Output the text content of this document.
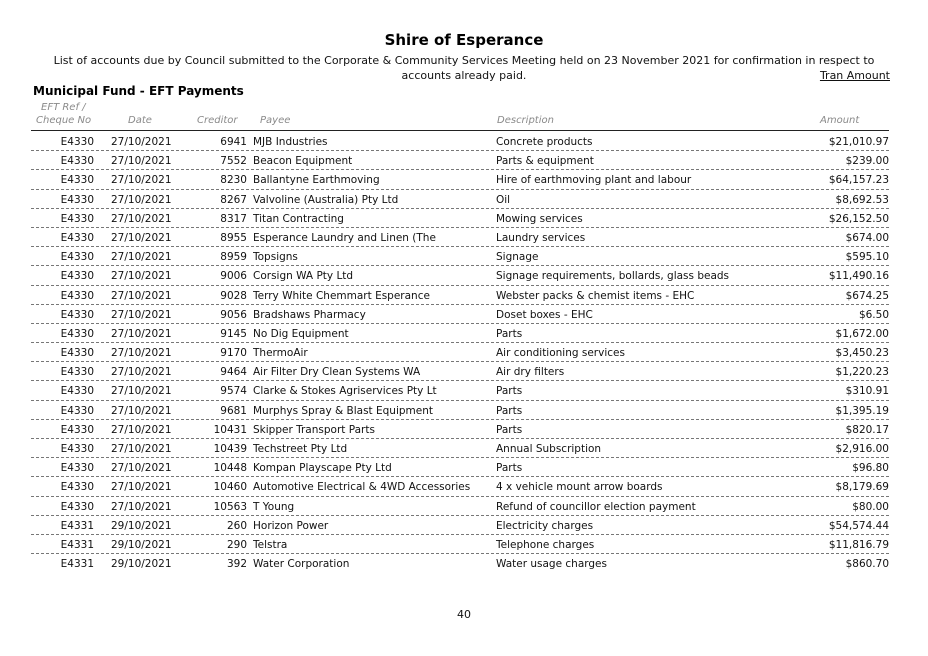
Shire of Esperance
List of accounts due by Council submitted to the Corporate & Community Services Meeting held on 23 November 2021 for confirmation in respect to accounts already paid.	Tran Amount
Municipal Fund - EFT Payments
EFT Ref /
Cheque No	Date	Creditor Payee	Description	Amount
E4330 27/10/2021	6941 MJB Industries	Concrete products	$21,010.97
E4330 27/10/2021	7552 Beacon Equipment	Parts & equipment	$239.00
E4330 27/10/2021	8230 Ballantyne Earthmoving	Hire of earthmoving plant and labour	$64,157.23
E4330 27/10/2021	8267 Valvoline (Australia) Pty Ltd	Oil	$8,692.53
E4330 27/10/2021	8317 Titan Contracting	Mowing services	$26,152.50
E4330 27/10/2021	8955 Esperance Laundry and Linen (The	Laundry services	$674.00
E4330 27/10/2021	8959 Topsigns	Signage	$595.10
E4330 27/10/2021	9006 Corsign WA Pty Ltd	Signage requirements, bollards, glass beads	$11,490.16
E4330 27/10/2021	9028 Terry White Chemmart Esperance	Webster packs & chemist items - EHC	$674.25
E4330 27/10/2021	9056 Bradshaws Pharmacy	Doset boxes - EHC	$6.50
E4330 27/10/2021	9145 No Dig Equipment	Parts	$1,672.00
E4330 27/10/2021	9170 ThermoAir	Air conditioning services	$3,450.23
E4330 27/10/2021	9464 Air Filter Dry Clean Systems WA	Air dry filters	$1,220.23
E4330 27/10/2021	9574 Clarke & Stokes Agriservices Pty Lt	Parts	$310.91
E4330 27/10/2021	9681 Murphys Spray & Blast Equipment	Parts	$1,395.19
E4330 27/10/2021	10431 Skipper Transport Parts	Parts	$820.17
E4330 27/10/2021	10439 Techstreet Pty Ltd	Annual Subscription	$2,916.00
E4330 27/10/2021	10448 Kompan Playscape Pty Ltd	Parts	$96.80
E4330 27/10/2021	10460 Automotive Electrical & 4WD Accessories	4 x vehicle mount arrow boards	$8,179.69
E4330 27/10/2021	10563 T Young	Refund of councillor election payment	$80.00
E4331 29/10/2021	260 Horizon Power	Electricity charges	$54,574.44
E4331 29/10/2021	290 Telstra	Telephone charges	$11,816.79
E4331 29/10/2021	392 Water Corporation	Water usage charges	$860.70
40
